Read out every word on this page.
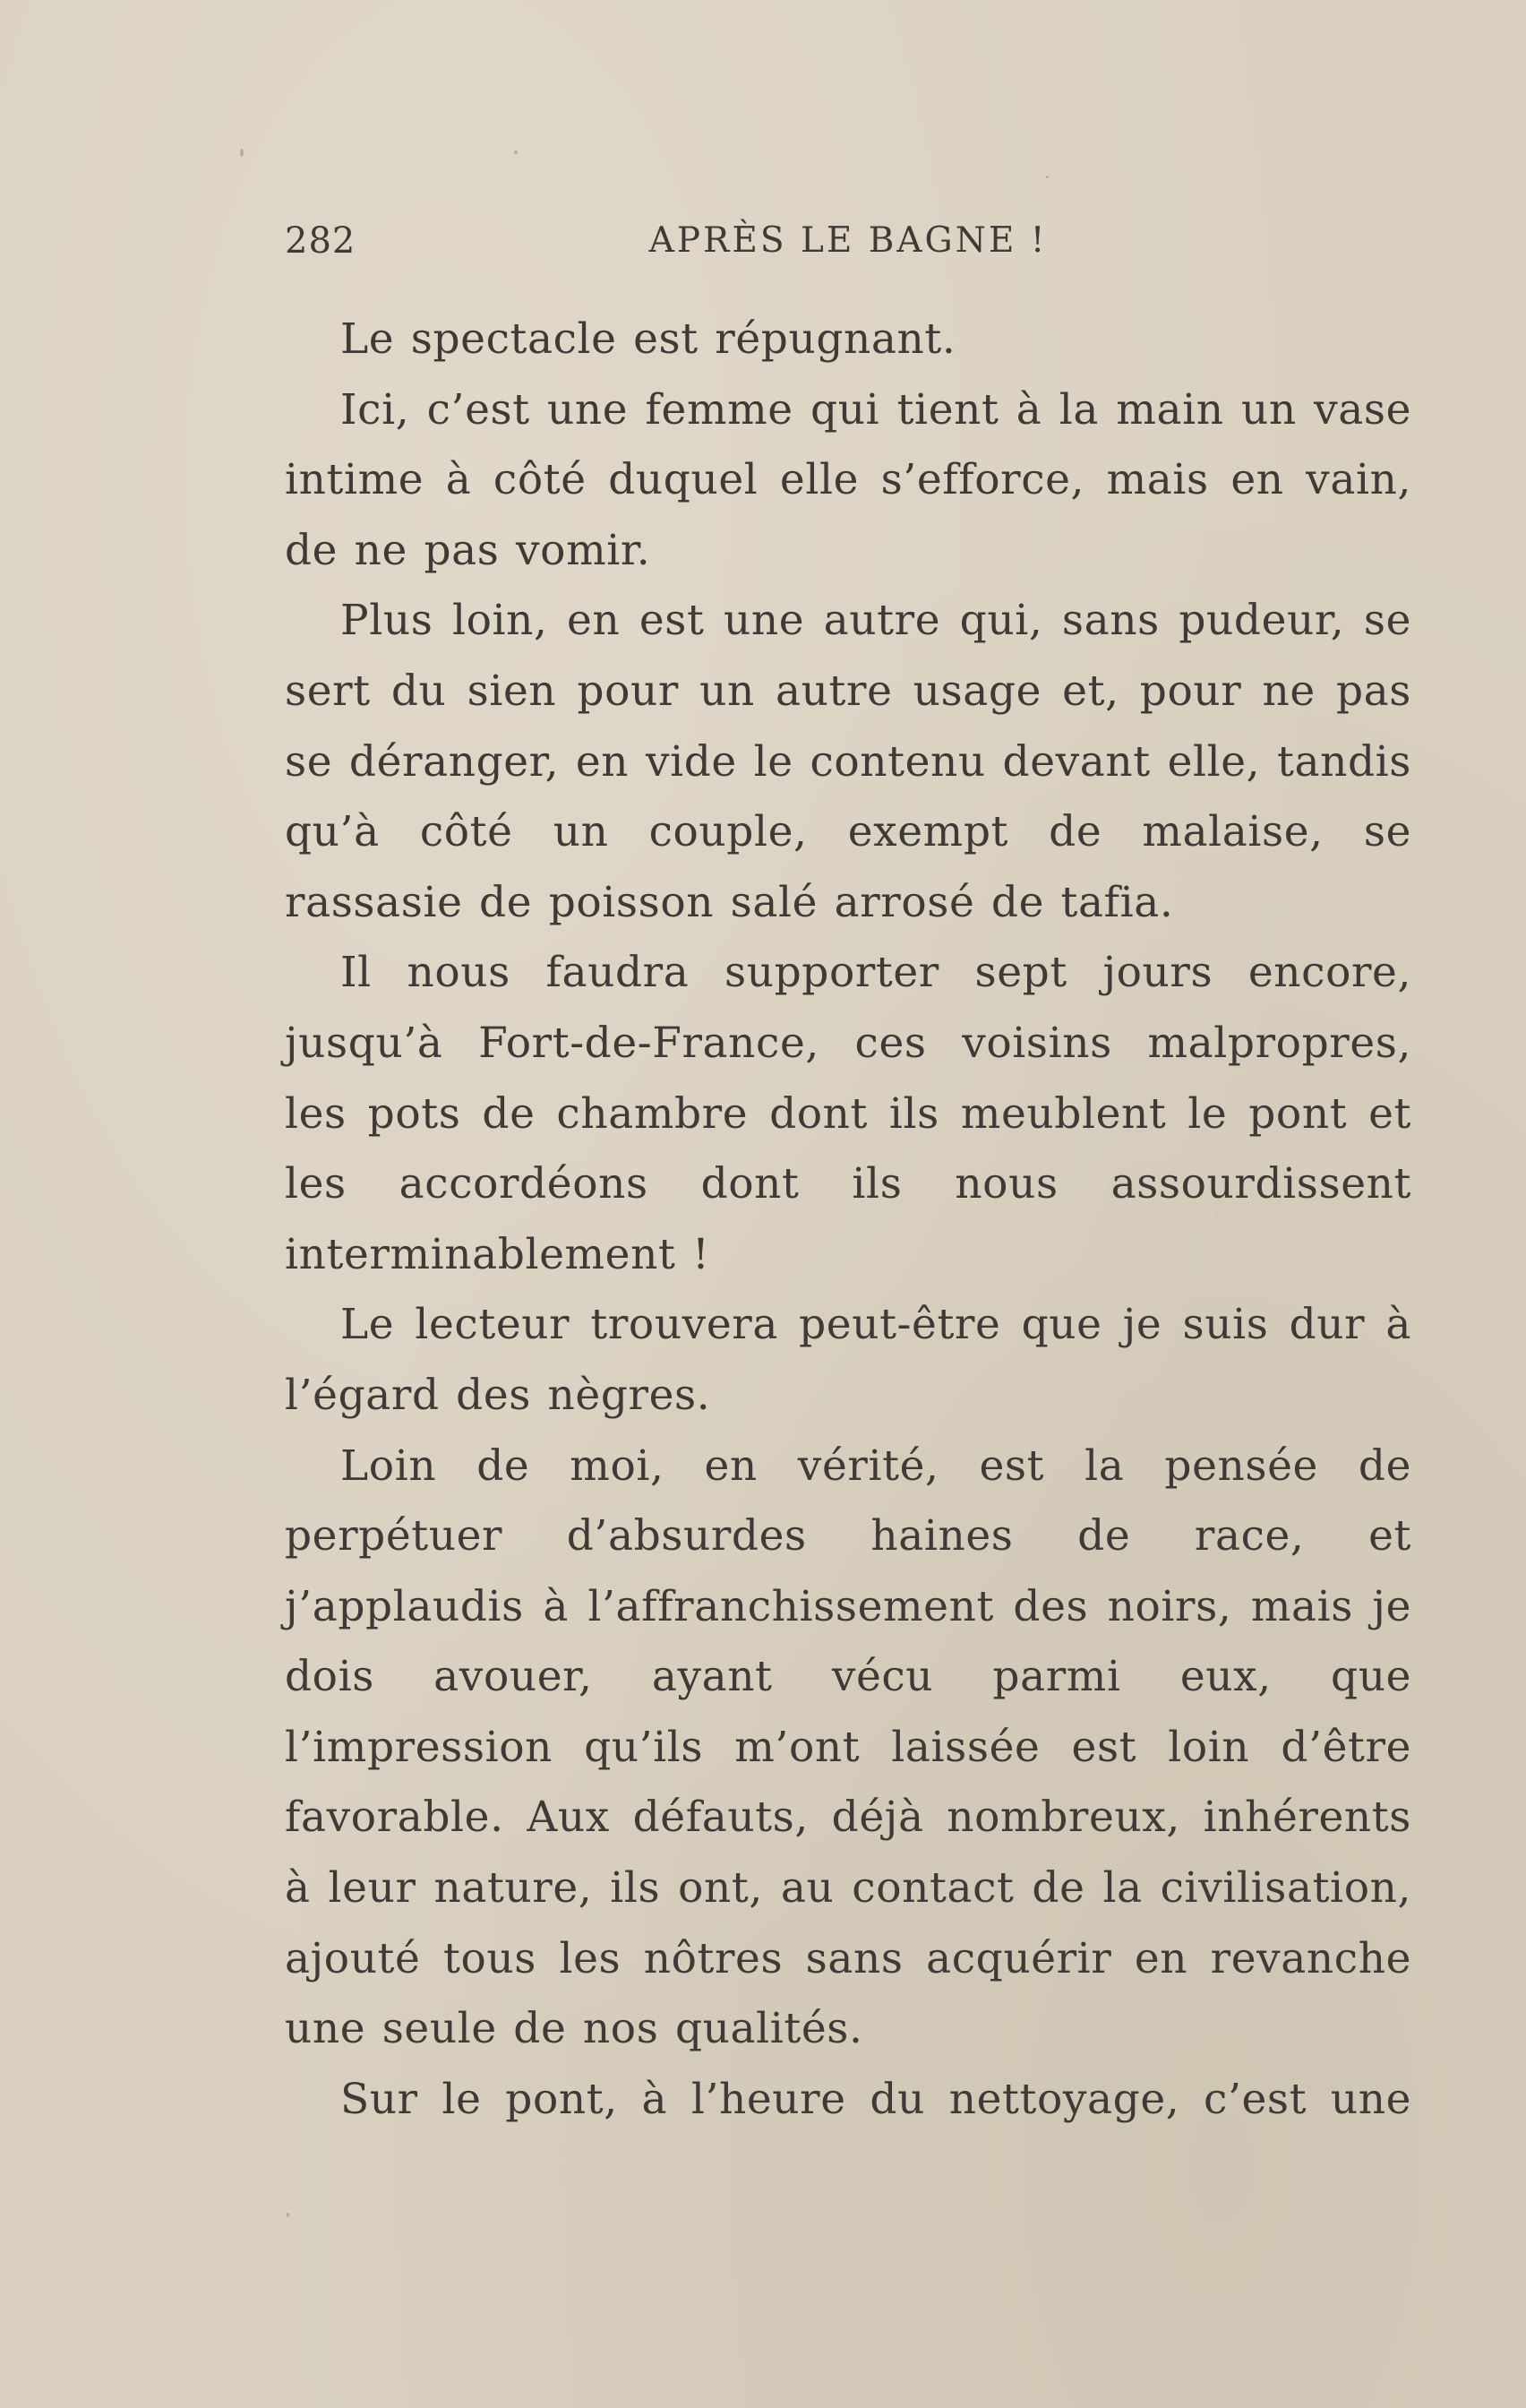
282	APRÈS LE BAGNE !

Le spectacle est répugnant.

Ici, c’est une femme qui tient à la main un vase intime à côté duquel elle s’efforce, mais en vain, de ne pas vomir.

Plus loin, en est une autre qui, sans pudeur, se sert du sien pour un autre usage et, pour ne pas se déranger, en vide le contenu devant elle, tandis qu’à côté un couple, exempt de malaise, se rassasie de poisson salé arrosé de tafia.

Il nous faudra supporter sept jours encore, jusqu’à Fort-de-France, ces voisins malpropres, les pots de chambre dont ils meublent le pont et les accordéons dont ils nous assourdissent interminablement !

Le lecteur trouvera peut-être que je suis dur à l’égard des nègres.

Loin de moi, en vérité, est la pensée de perpétuer d’absurdes haines de race, et j’applaudis à l’affranchissement des noirs, mais je dois avouer, ayant vécu parmi eux, que l’impression qu’ils m’ont laissée est loin d’être favorable. Aux défauts, déjà nombreux, inhérents à leur nature, ils ont, au contact de la civilisation, ajouté tous les nôtres sans acquérir en revanche une seule de nos qualités.

Sur le pont, à l’heure du nettoyage, c’est une
